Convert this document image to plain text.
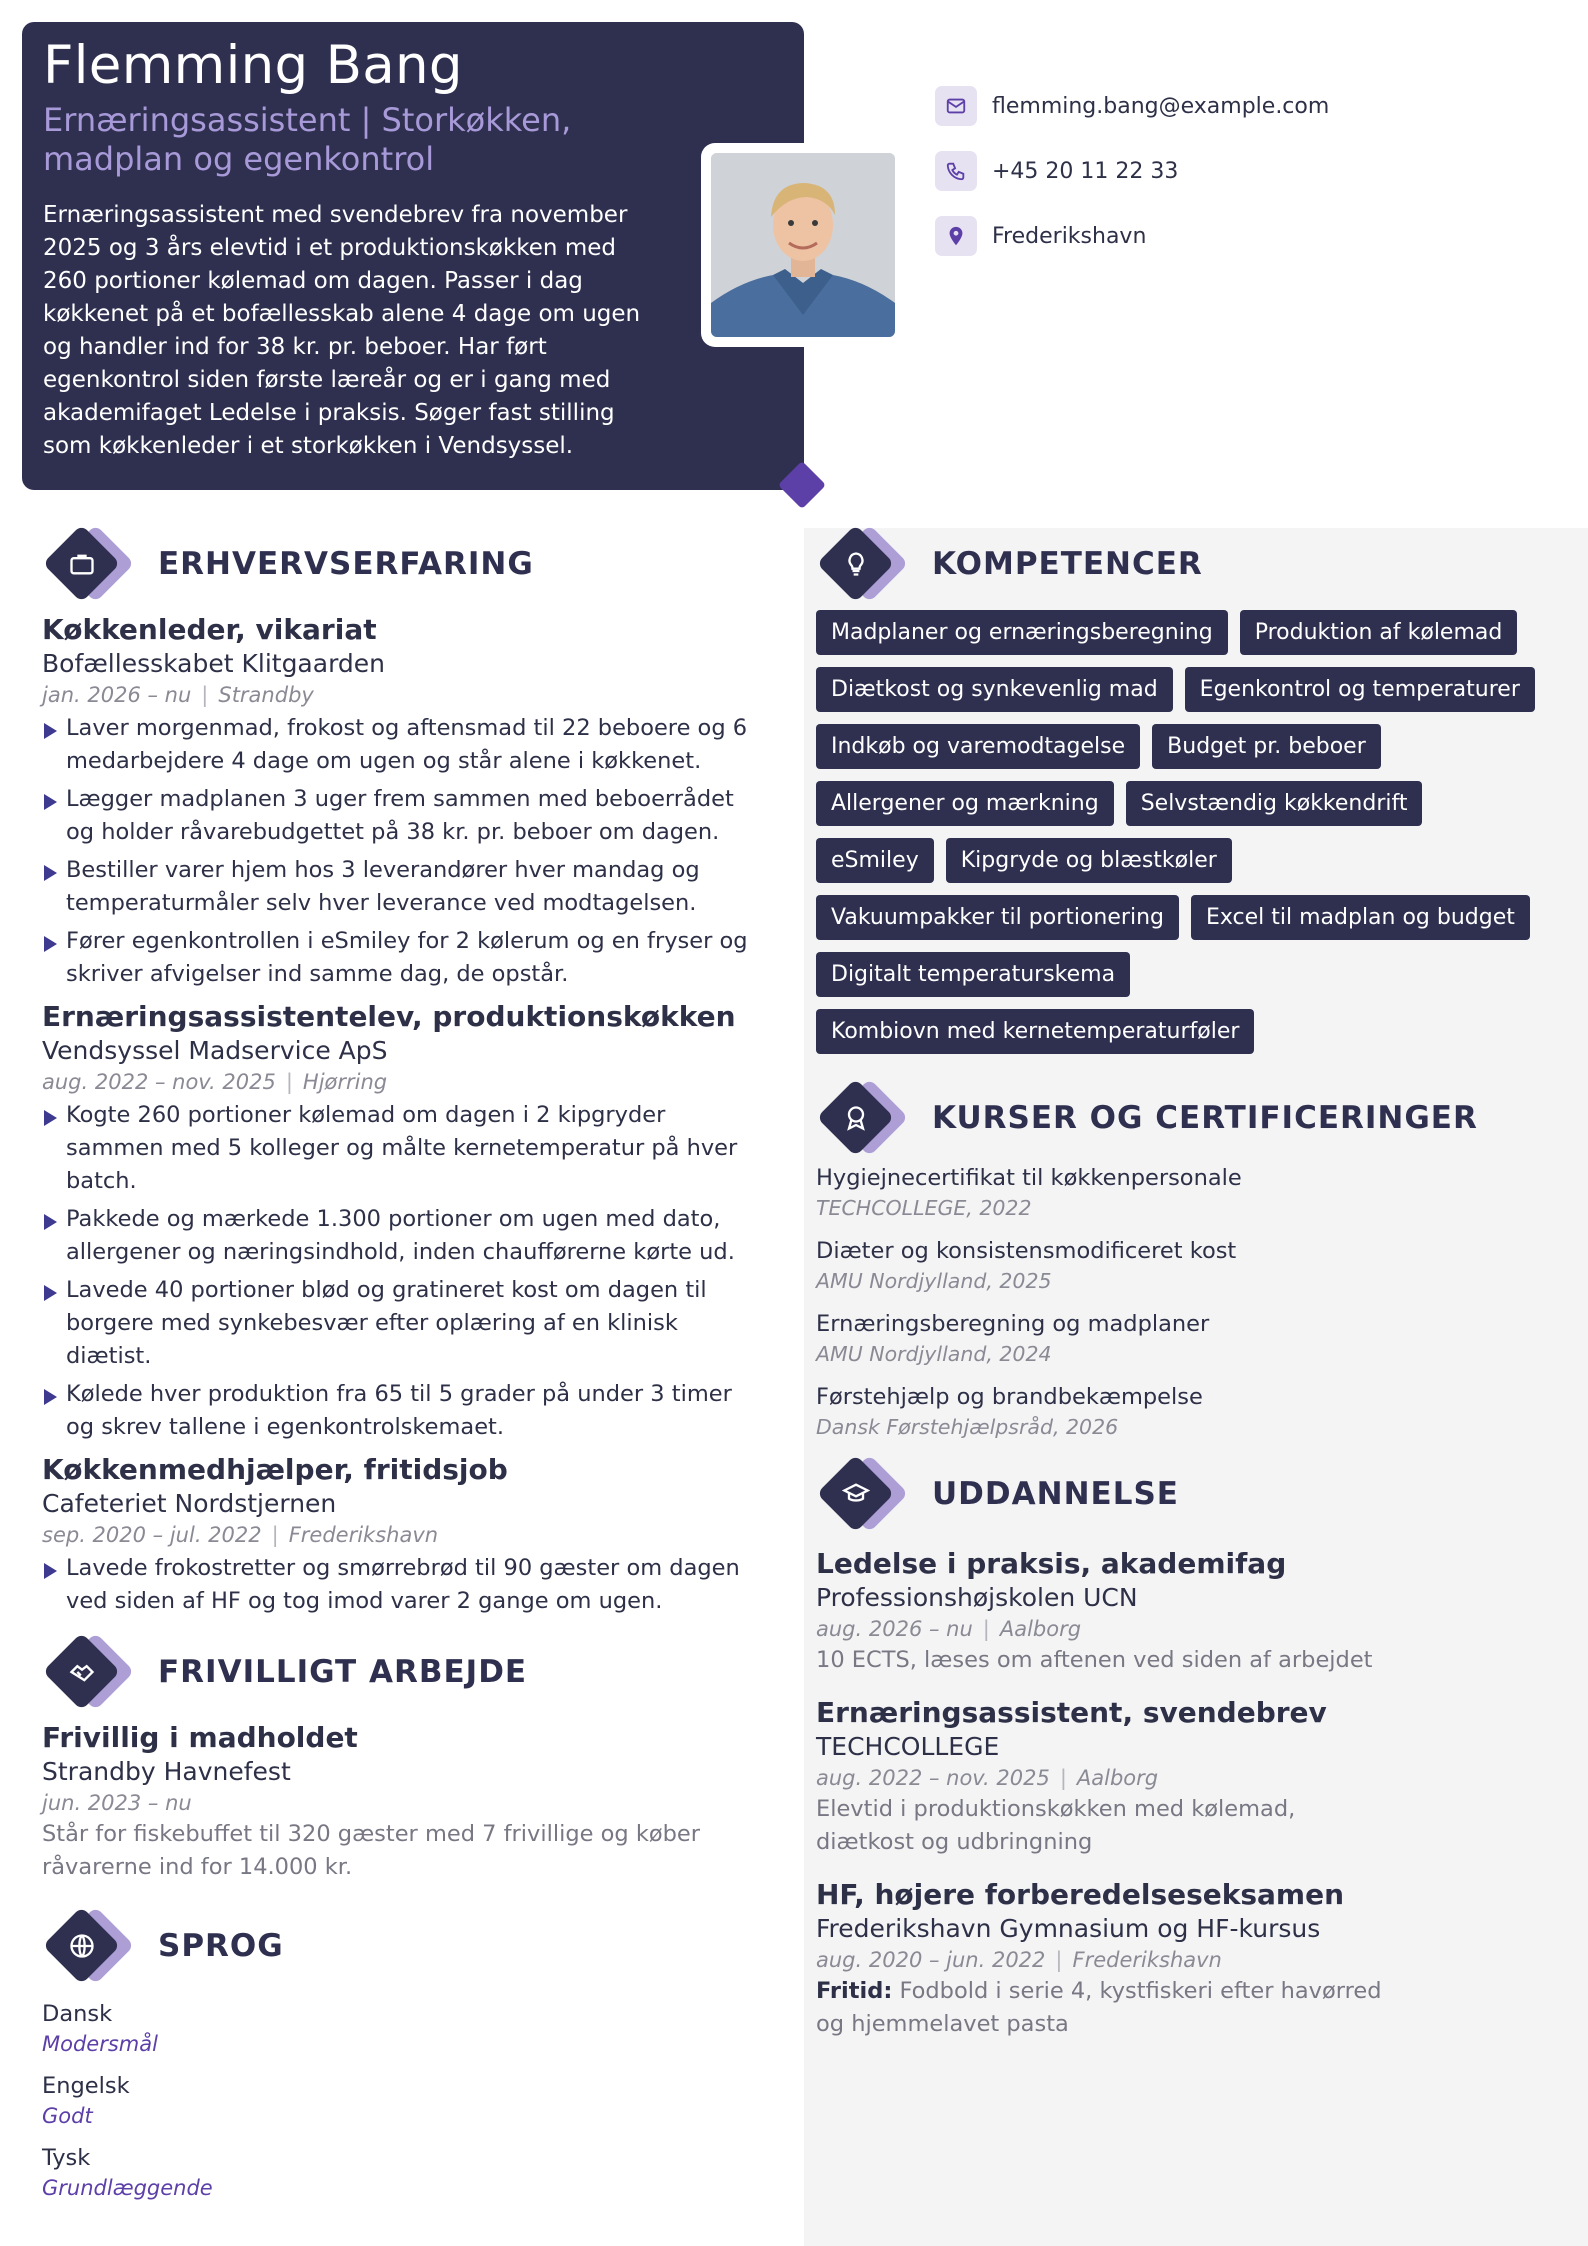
Flemming Bang
Ernæringsassistent | Storkøkken, madplan og egenkontrol

Ernæringsassistent med svendebrev fra november 2025 og 3 års elevtid i et produktionskøkken med 260 portioner kølemad om dagen. Passer i dag køkkenet på et bofællesskab alene 4 dage om ugen og handler ind for 38 kr. pr. beboer. Har ført egenkontrol siden første læreår og er i gang med akademifaget Ledelse i praksis. Søger fast stilling som køkkenleder i et storkøkken i Vendsyssel.

flemming.bang@example.com
+45 20 11 22 33
Frederikshavn
ERHVERVSERFARING
Køkkenleder, vikariat
Bofællesskabet Klitgaarden
jan. 2026 – nu | Strandby
Laver morgenmad, frokost og aftensmad til 22 beboere og 6 medarbejdere 4 dage om ugen og står alene i køkkenet.
Lægger madplanen 3 uger frem sammen med beboerrådet og holder råvarebudgettet på 38 kr. pr. beboer om dagen.
Bestiller varer hjem hos 3 leverandører hver mandag og temperaturmåler selv hver leverance ved modtagelsen.
Fører egenkontrollen i eSmiley for 2 kølerum og en fryser og skriver afvigelser ind samme dag, de opstår.
Ernæringsassistentelev, produktionskøkken
Vendsyssel Madservice ApS
aug. 2022 – nov. 2025 | Hjørring
Kogte 260 portioner kølemad om dagen i 2 kipgryder sammen med 5 kolleger og målte kernetemperatur på hver batch.
Pakkede og mærkede 1.300 portioner om ugen med dato, allergener og næringsindhold, inden chaufførerne kørte ud.
Lavede 40 portioner blød og gratineret kost om dagen til borgere med synkebesvær efter oplæring af en klinisk diætist.
Kølede hver produktion fra 65 til 5 grader på under 3 timer og skrev tallene i egenkontrolskemaet.
Køkkenmedhjælper, fritidsjob
Cafeteriet Nordstjernen
sep. 2020 – jul. 2022 | Frederikshavn
Lavede frokostretter og smørrebrød til 90 gæster om dagen ved siden af HF og tog imod varer 2 gange om ugen.
FRIVILLIGT ARBEJDE
Frivillig i madholdet
Strandby Havnefest
jun. 2023 – nu
Står for fiskebuffet til 320 gæster med 7 frivillige og køber råvarerne ind for 14.000 kr.
SPROG
Dansk
Modersmål
Engelsk
Godt
Tysk
Grundlæggende
KOMPETENCER
Madplaner og ernæringsberegning	Produktion af kølemad
Diætkost og synkevenlig mad	Egenkontrol og temperaturer
Indkøb og varemodtagelse	Budget pr. beboer
Allergener og mærkning	Selvstændig køkkendrift
eSmiley	Kipgryde og blæstkøler
Vakuumpakker til portionering	Excel til madplan og budget
Digitalt temperaturskema
Kombiovn med kernetemperaturføler
KURSER OG CERTIFICERINGER
Hygiejnecertifikat til køkkenpersonale
TECHCOLLEGE, 2022
Diæter og konsistensmodificeret kost
AMU Nordjylland, 2025
Ernæringsberegning og madplaner
AMU Nordjylland, 2024
Førstehjælp og brandbekæmpelse
Dansk Førstehjælpsråd, 2026
UDDANNELSE
Ledelse i praksis, akademifag
Professionshøjskolen UCN
aug. 2026 – nu | Aalborg
10 ECTS, læses om aftenen ved siden af arbejdet
Ernæringsassistent, svendebrev
TECHCOLLEGE
aug. 2022 – nov. 2025 | Aalborg
Elevtid i produktionskøkken med kølemad, diætkost og udbringning
HF, højere forberedelseseksamen
Frederikshavn Gymnasium og HF-kursus
aug. 2020 – jun. 2022 | Frederikshavn
Fritid: Fodbold i serie 4, kystfiskeri efter havørred og hjemmelavet pasta
